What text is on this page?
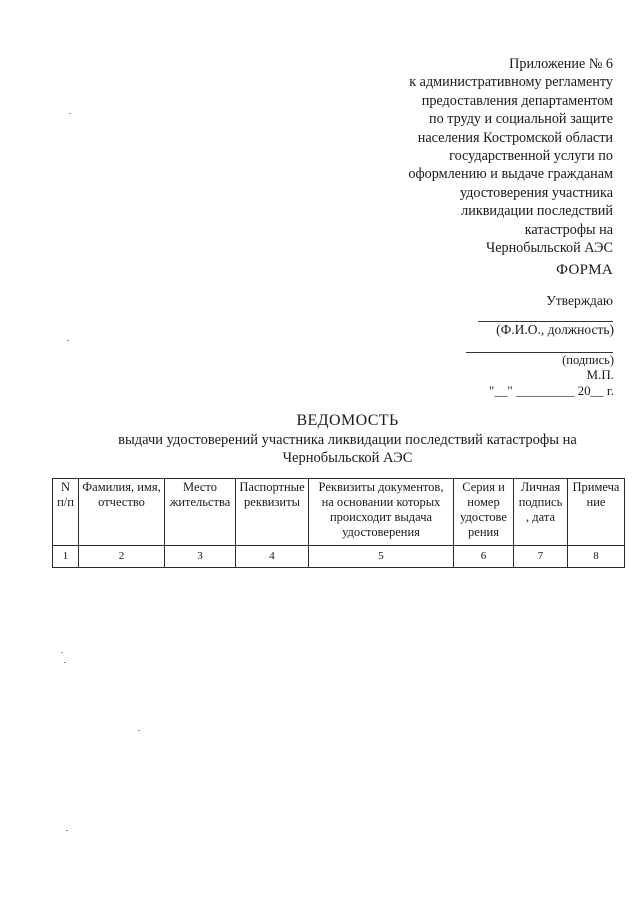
Приложение № 6
к административному регламенту
предоставления департаментом
по труду и социальной защите
населения Костромской области
государственной услуги по
оформлению и выдаче гражданам
удостоверения участника
ликвидации последствий
катастрофы на
Чернобыльской АЭС
ФОРМА
Утверждаю
(Ф.И.О., должность)
(подпись)
М.П.
"__" _________ 20__ г.
ВЕДОМОСТЬ
выдачи удостоверений участника ликвидации последствий катастрофы на
Чернобыльской АЭС
N п/п	Фамилия, имя, отчество	Место жительства	Паспортные реквизиты	Реквизиты документов, на основании которых происходит выдача удостоверения	Серия и номер удостове рения	Личная подпись , дата	Примеча ние
1	2	3	4	5	6	7	8
